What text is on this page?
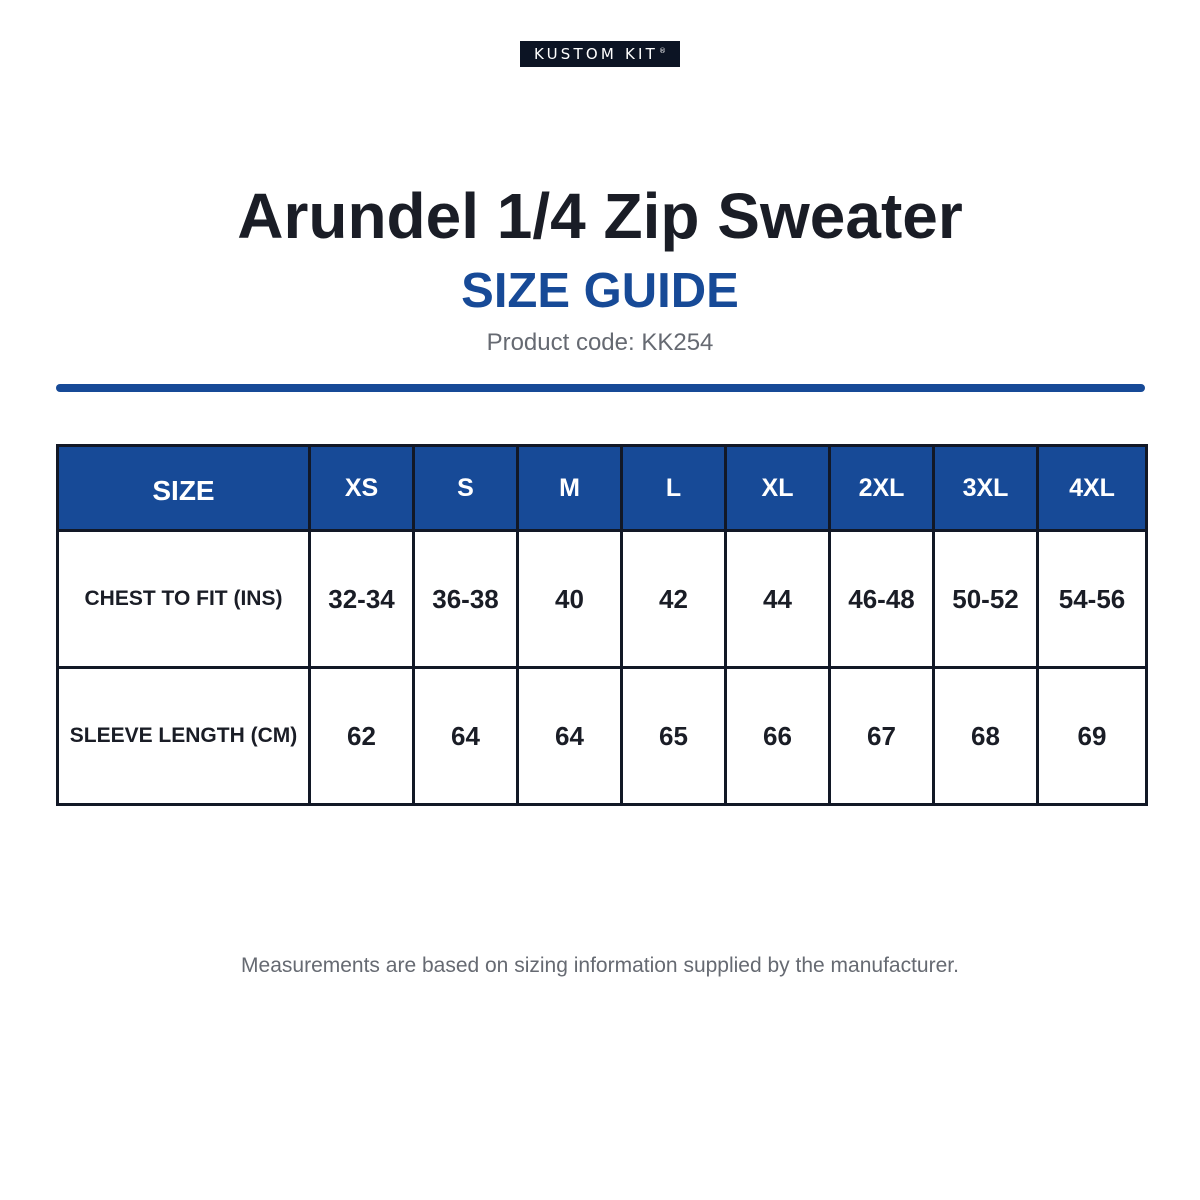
KUSTOM KIT®
Arundel 1/4 Zip Sweater
SIZE GUIDE
Product code: KK254
SIZE	XS	S	M	L	XL	2XL	3XL	4XL
CHEST TO FIT (INS)	32-34	36-38	40	42	44	46-48	50-52	54-56
SLEEVE LENGTH (CM)	62	64	64	65	66	67	68	69
Measurements are based on sizing information supplied by the manufacturer.
